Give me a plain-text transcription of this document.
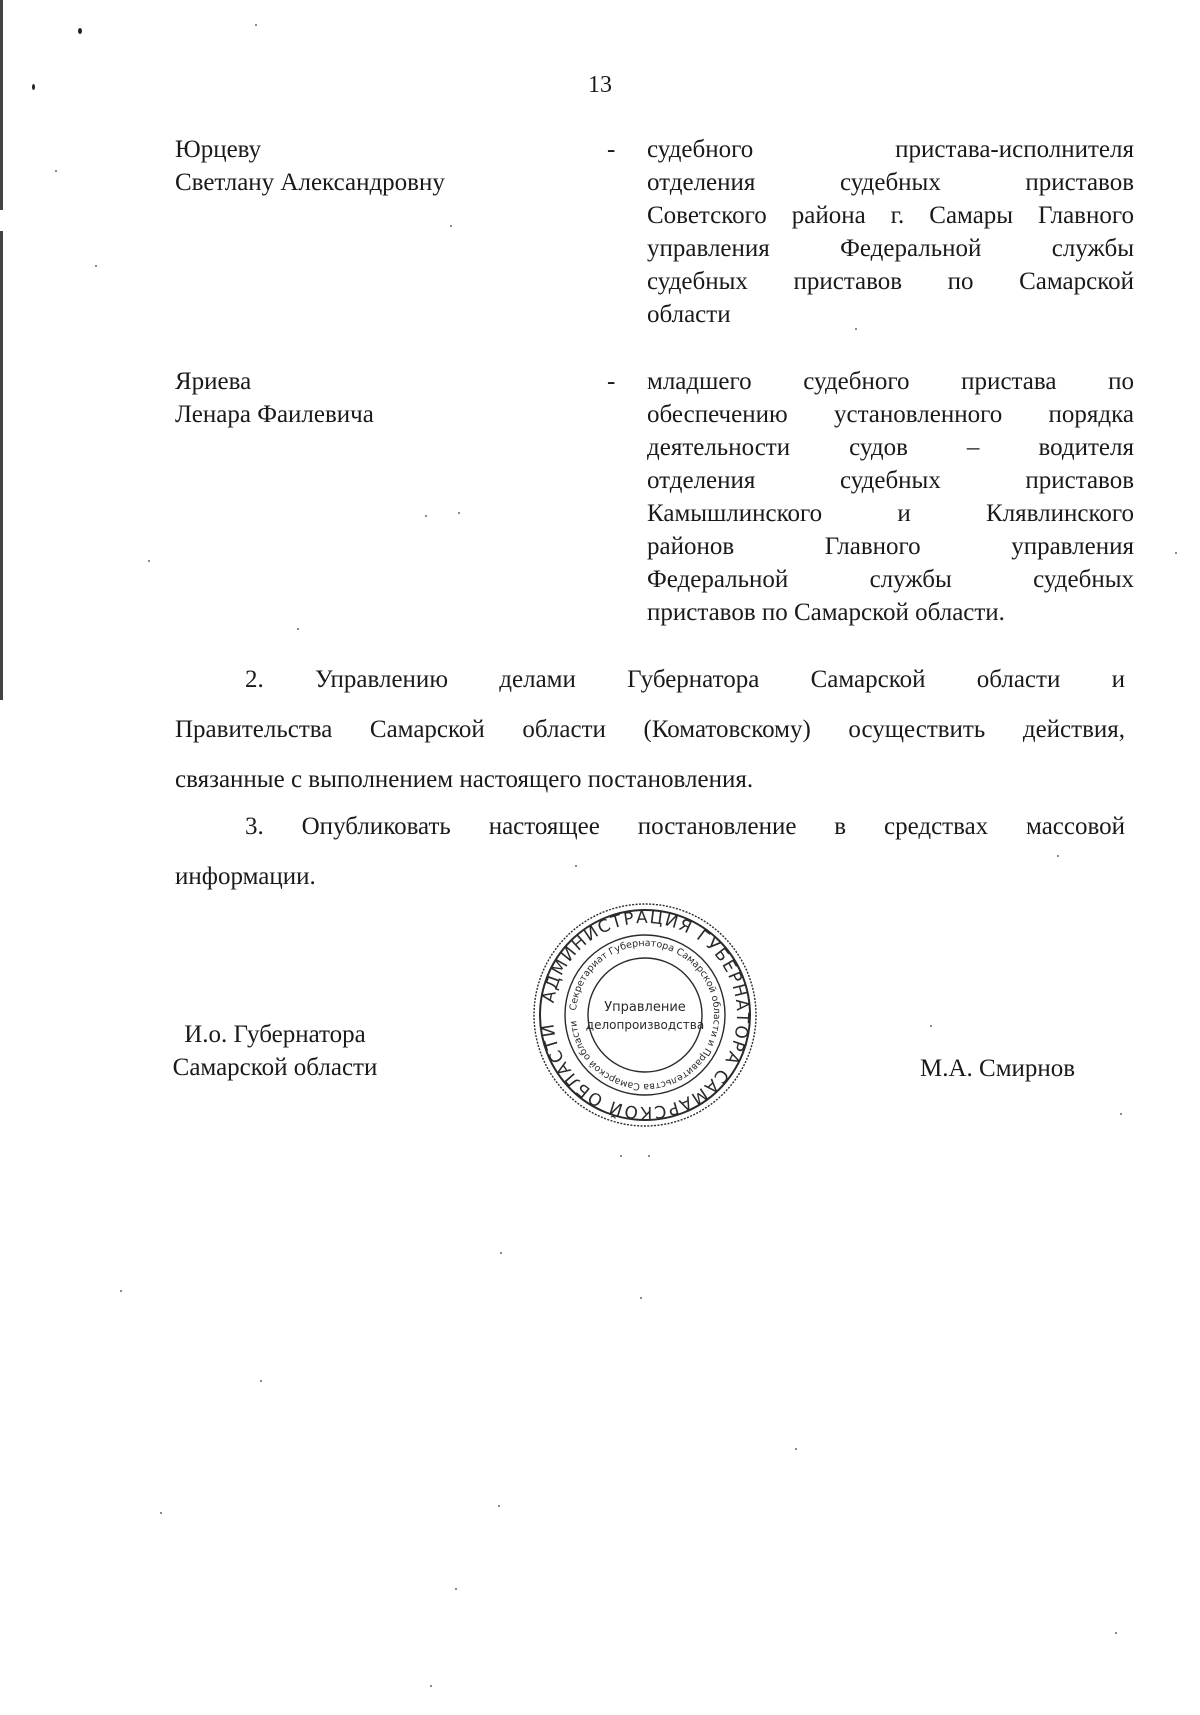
13
Юрцеву
Светлану Александровну
- судебного пристава-исполнителя
отделения судебных приставов
Советского района г. Самары Главного
управления Федеральной службы
судебных приставов по Самарской
области
Яриева
Ленара Фаилевича
- младшего судебного пристава по
обеспечению установленного порядка
деятельности судов – водителя
отделения судебных приставов
Камышлинского и Клявлинского
районов Главного управления
Федеральной службы судебных
приставов по Самарской области.
2. Управлению делами Губернатора Самарской области и
Правительства Самарской области (Коматовскому) осуществить действия,
связанные с выполнением настоящего постановления.
3. Опубликовать настоящее постановление в средствах массовой
информации.
И.о. Губернатора
Самарской области	М.А. Смирнов
АДМИНИСТРАЦИЯ ГУБЕРНАТОРА САМАРСКОЙ ОБЛАСТИ
Секретариат Губернатора Самарской области и Правительства Самарской области
Управление
делопроизводства
